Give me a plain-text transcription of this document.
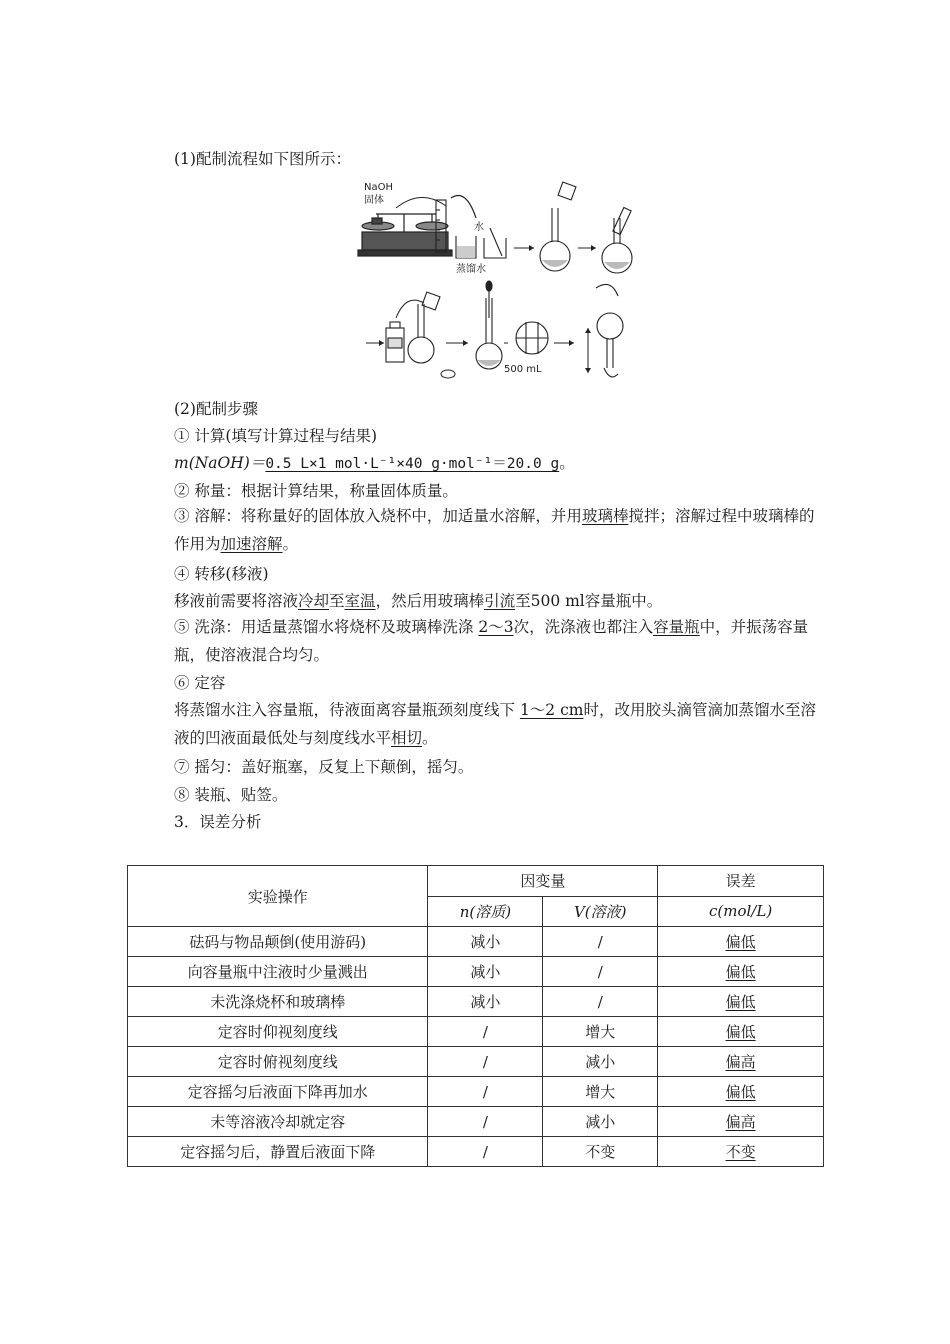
(1)配制流程如下图所示：
NaOH
固体
水
蒸馏水
500 mL
(2)配制步骤
① 计算(填写计算过程与结果)
m(NaOH)＝0.5 L×1 mol·L⁻¹×40 g·mol⁻¹＝20.0 g。
② 称量：根据计算结果，称量固体质量。
③ 溶解：将称量好的固体放入烧杯中，加适量水溶解，并用玻璃棒搅拌；溶解过程中玻璃棒的作用为加速溶解。
④ 转移(移液)
移液前需要将溶液冷却至室温，然后用玻璃棒引流至500 ml容量瓶中。
⑤ 洗涤：用适量蒸馏水将烧杯及玻璃棒洗涤 2～3次，洗涤液也都注入容量瓶中，并振荡容量瓶，使溶液混合均匀。
⑥ 定容
将蒸馏水注入容量瓶，待液面离容量瓶颈刻度线下 1～2 cm时，改用胶头滴管滴加蒸馏水至溶液的凹液面最低处与刻度线水平相切。
⑦ 摇匀：盖好瓶塞，反复上下颠倒，摇匀。
⑧ 装瓶、贴签。
3．误差分析
实验操作	因变量		误差
	n(溶质)	V(溶液)	c(mol/L)
砝码与物品颠倒(使用游码)	减小	/	偏低
向容量瓶中注液时少量溅出	减小	/	偏低
未洗涤烧杯和玻璃棒	减小	/	偏低
定容时仰视刻度线	/	增大	偏低
定容时俯视刻度线	/	减小	偏高
定容摇匀后液面下降再加水	/	增大	偏低
未等溶液冷却就定容	/	减小	偏高
定容摇匀后，静置后液面下降	/	不变	不变
